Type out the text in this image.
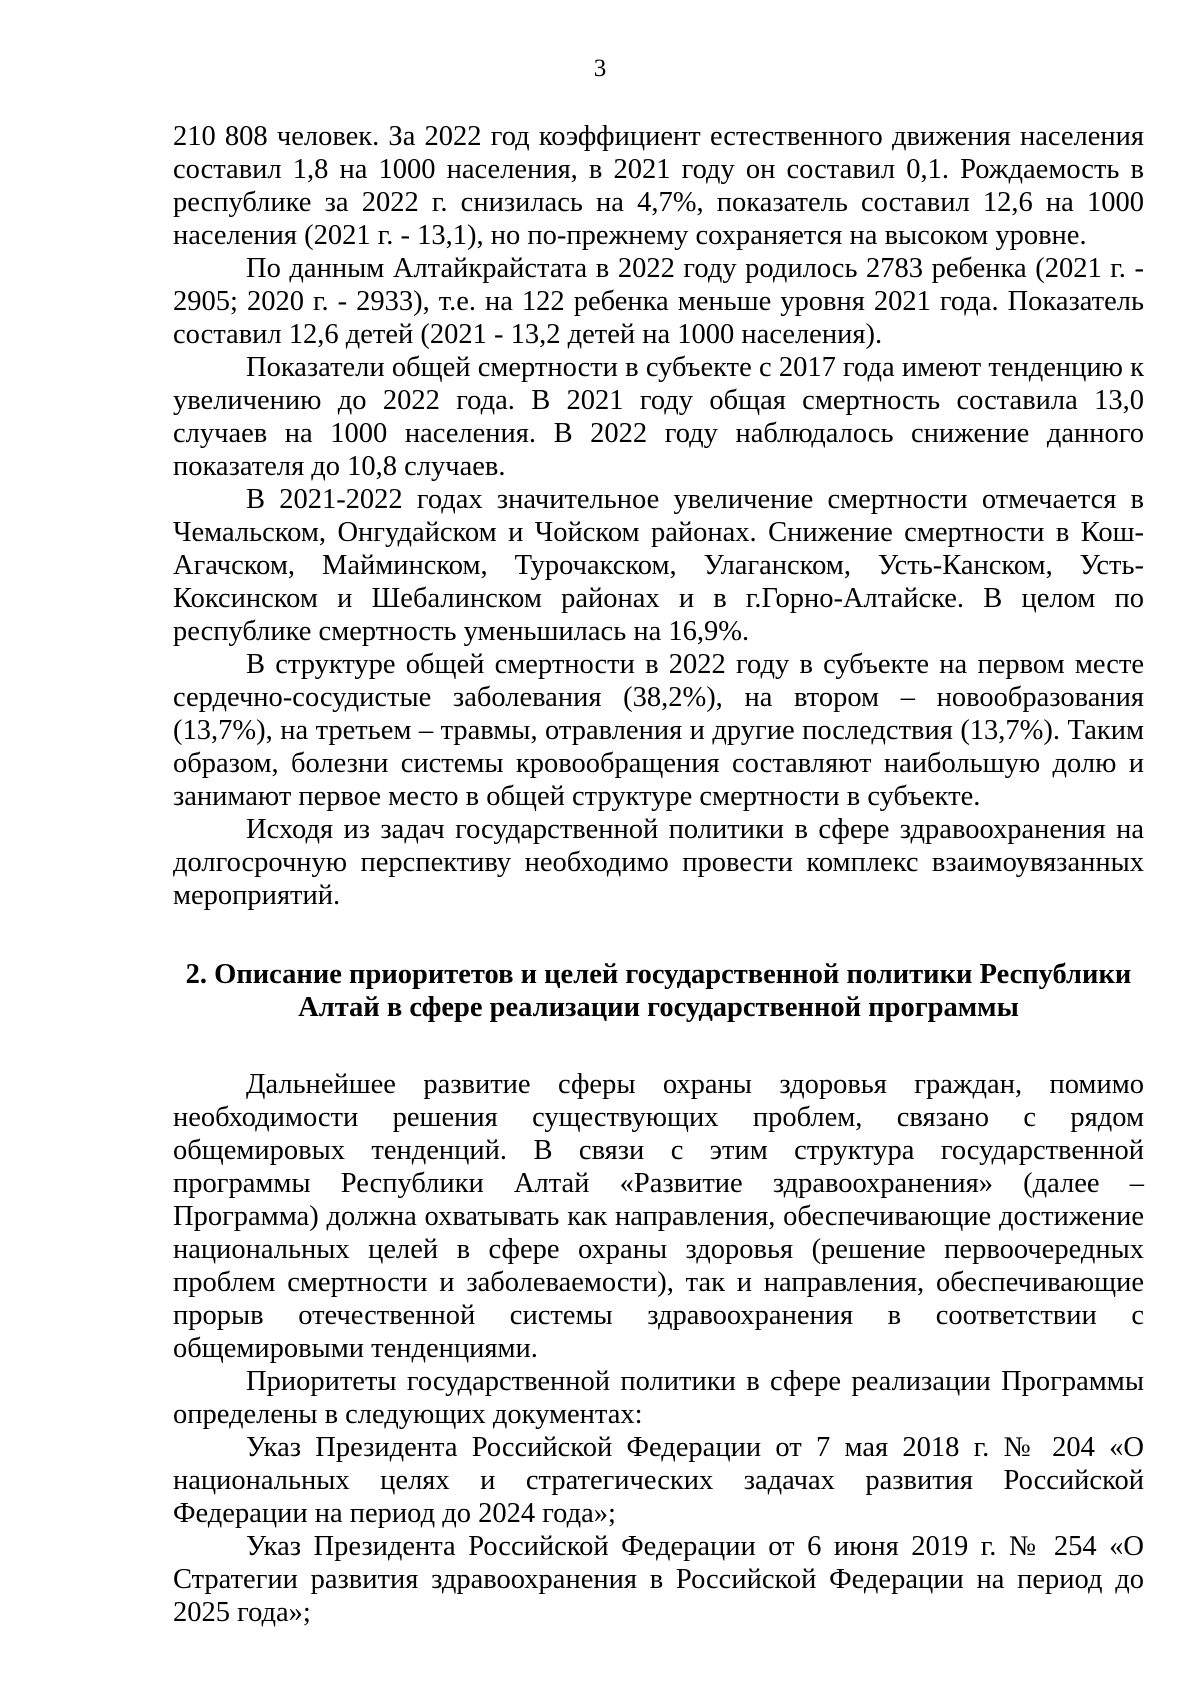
3

210 808 человек. За 2022 год коэффициент естественного движения населения составил 1,8 на 1000 населения, в 2021 году он составил 0,1. Рождаемость в республике за 2022 г. снизилась на 4,7%, показатель составил 12,6 на 1000 населения (2021 г. - 13,1), но по-прежнему сохраняется на высоком уровне.

По данным Алтайкрайстата в 2022 году родилось 2783 ребенка (2021 г. - 2905; 2020 г. - 2933), т.е. на 122 ребенка меньше уровня 2021 года. Показатель составил 12,6 детей (2021 - 13,2 детей на 1000 населения).

Показатели общей смертности в субъекте с 2017 года имеют тенденцию к увеличению до 2022 года. В 2021 году общая смертность составила 13,0 случаев на 1000 населения. В 2022 году наблюдалось снижение данного показателя до 10,8 случаев.

В 2021-2022 годах значительное увеличение смертности отмечается в Чемальском, Онгудайском и Чойском районах. Снижение смертности в Кош-Агачском, Майминском, Турочакском, Улаганском, Усть-Канском, Усть-Коксинском и Шебалинском районах и в г.Горно-Алтайске. В целом по республике смертность уменьшилась на 16,9%.

В структуре общей смертности в 2022 году в субъекте на первом месте сердечно-сосудистые заболевания (38,2%), на втором – новообразования (13,7%), на третьем – травмы, отравления и другие последствия (13,7%). Таким образом, болезни системы кровообращения составляют наибольшую долю и занимают первое место в общей структуре смертности в субъекте.

Исходя из задач государственной политики в сфере здравоохранения на долгосрочную перспективу необходимо провести комплекс взаимоувязанных мероприятий.

2. Описание приоритетов и целей государственной политики Республики
Алтай в сфере реализации государственной программы

Дальнейшее развитие сферы охраны здоровья граждан, помимо необходимости решения существующих проблем, связано с рядом общемировых тенденций. В связи с этим структура государственной программы Республики Алтай «Развитие здравоохранения» (далее – Программа) должна охватывать как направления, обеспечивающие достижение национальных целей в сфере охраны здоровья (решение первоочередных проблем смертности и заболеваемости), так и направления, обеспечивающие прорыв отечественной системы здравоохранения в соответствии с общемировыми тенденциями.

Приоритеты государственной политики в сфере реализации Программы определены в следующих документах:

Указ Президента Российской Федерации от 7 мая 2018 г. № 204 «О национальных целях и стратегических задачах развития Российской Федерации на период до 2024 года»;

Указ Президента Российской Федерации от 6 июня 2019 г. № 254 «О Стратегии развития здравоохранения в Российской Федерации на период до 2025 года»;
